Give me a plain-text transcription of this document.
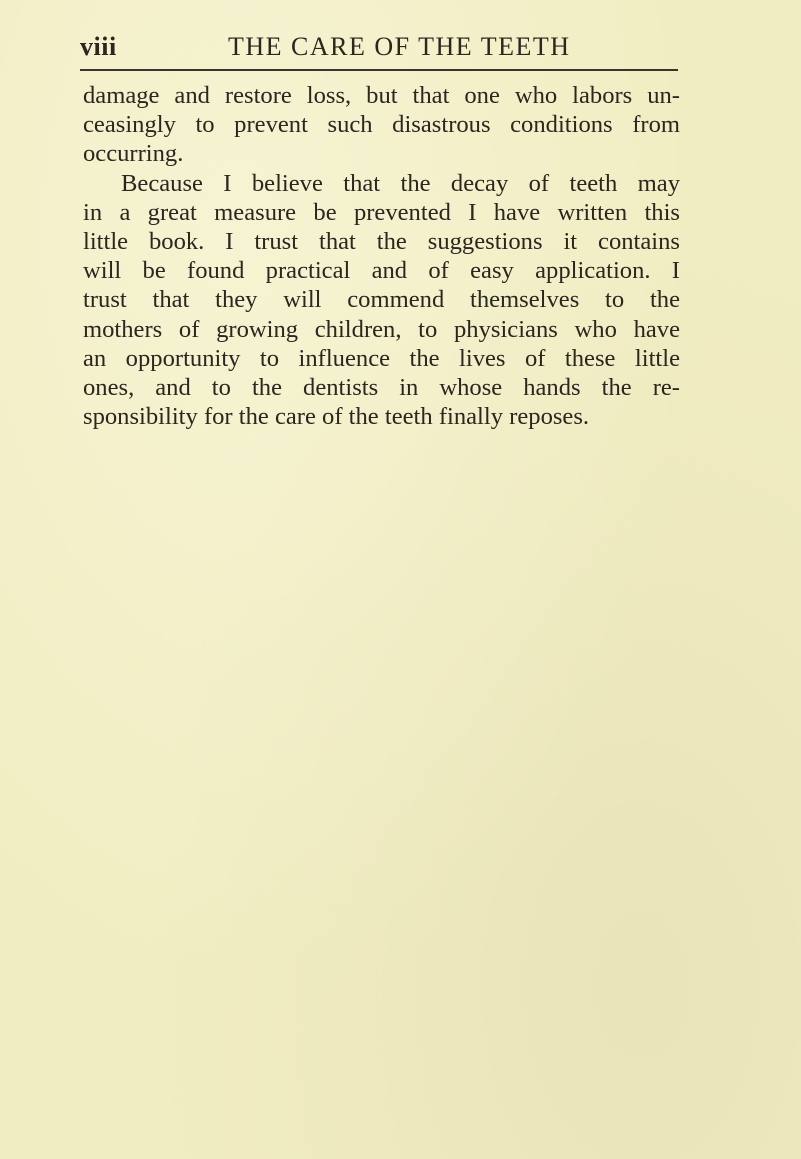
viii	THE CARE OF THE TEETH
damage and restore loss, but that one who labors un-
ceasingly to prevent such disastrous conditions from
occurring.
Because I believe that the decay of teeth may
in a great measure be prevented I have written this
little book. I trust that the suggestions it contains
will be found practical and of easy application. I
trust that they will commend themselves to the
mothers of growing children, to physicians who have
an opportunity to influence the lives of these little
ones, and to the dentists in whose hands the re-
sponsibility for the care of the teeth finally reposes.
